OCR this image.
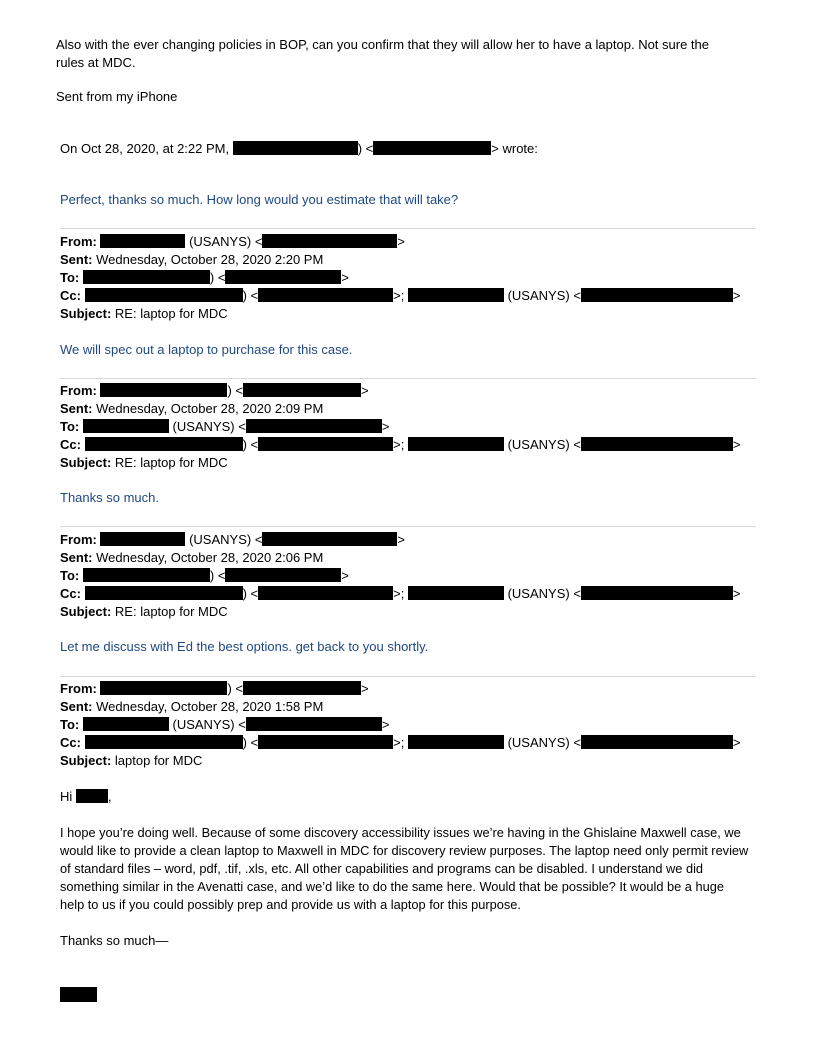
Also with the ever changing policies in BOP, can you confirm that they will allow her to have a laptop. Not sure the
rules at MDC.
Sent from my iPhone
On Oct 28, 2020, at 2:22 PM,	) <	> wrote:
Perfect, thanks so much. How long would you estimate that will take?
From:	(USANYS) <	>
Sent: Wednesday, October 28, 2020 2:20 PM
To:	) <	>
Cc:	) <	>;	(USANYS) <	>
Subject: RE: laptop for MDC
We will spec out a laptop to purchase for this case.
From:	) <	>
Sent: Wednesday, October 28, 2020 2:09 PM
To:	(USANYS) <	>
Cc:	) <	>;	(USANYS) <	>
Subject: RE: laptop for MDC
Thanks so much.
From:	(USANYS) <	>
Sent: Wednesday, October 28, 2020 2:06 PM
To:	) <	>
Cc:	) <	>;	(USANYS) <	>
Subject: RE: laptop for MDC
Let me discuss with Ed the best options. get back to you shortly.
From:	) <	>
Sent: Wednesday, October 28, 2020 1:58 PM
To:	(USANYS) <	>
Cc:	) <	>;	(USANYS) <	>
Subject: laptop for MDC
Hi	,
I hope you’re doing well. Because of some discovery accessibility issues we’re having in the Ghislaine Maxwell case, we would like to provide a clean laptop to Maxwell in MDC for discovery review purposes. The laptop need only permit review of standard files – word, pdf, .tif, .xls, etc. All other capabilities and programs can be disabled. I understand we did something similar in the Avenatti case, and we’d like to do the same here. Would that be possible? It would be a huge help to us if you could possibly prep and provide us with a laptop for this purpose.
Thanks so much—
